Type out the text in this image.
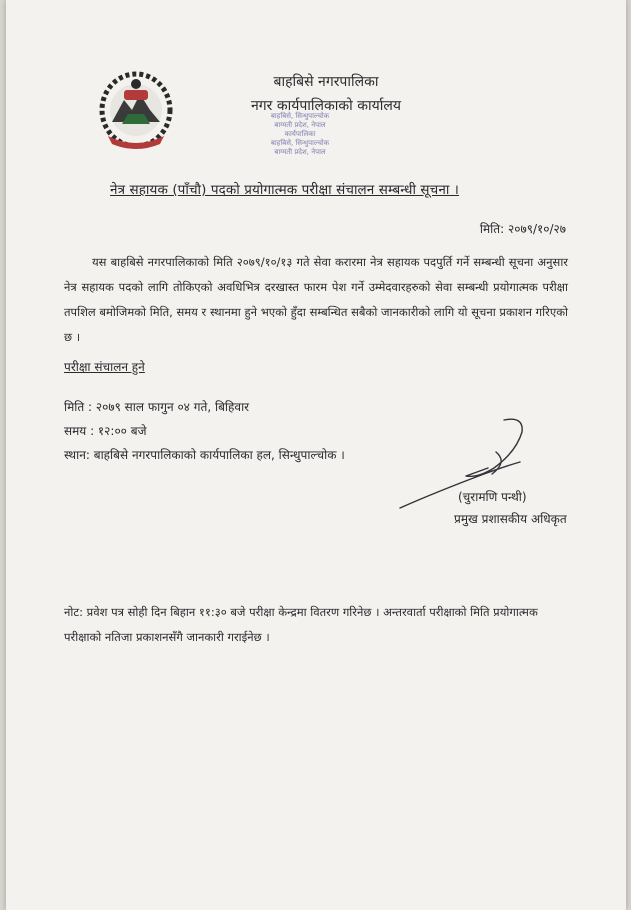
बाहबिसे नगरपालिका
नगर कार्यपालिकाको कार्यालय
बाहबिसे, सिन्धुपाल्चोक
बाग्मती प्रदेश, नेपाल
कार्यपालिका
बाहबिसे, सिन्धुपाल्चोक
बाग्मती प्रदेश, नेपाल
नेत्र सहायक (पाँचौ) पदको प्रयोगात्मक परीक्षा संचालन सम्बन्धी सूचना ।
मिति: २०७९/१०/२७
यस बाहबिसे नगरपालिकाको मिति २०७९/१०/१३ गते सेवा करारमा नेत्र सहायक पदपुर्ति गर्ने सम्बन्धी सूचना अनुसार नेत्र सहायक पदको लागि तोकिएको अवधिभित्र दरखास्त फारम पेश गर्ने उम्मेदवारहरुको सेवा सम्बन्धी प्रयोगात्मक परीक्षा तपशिल बमोजिमको मिति, समय र स्थानमा हुने भएको हुँदा सम्बन्धित सबैको जानकारीको लागि यो सूचना प्रकाशन गरिएको छ ।
परीक्षा संचालन हुने
मिति : २०७९ साल फागुन ०४ गते, बिहिवार
समय : १२:०० बजे
स्थान: बाहबिसे नगरपालिकाको कार्यपालिका हल, सिन्धुपाल्चोक ।
(चुरामणि पन्थी)
प्रमुख प्रशासकीय अधिकृत
नोट: प्रवेश पत्र सोही दिन बिहान ११:३० बजे परीक्षा केन्द्रमा वितरण गरिनेछ । अन्तरवार्ता परीक्षाको मिति प्रयोगात्मक परीक्षाको नतिजा प्रकाशनसँगै जानकारी गराईनेछ ।
